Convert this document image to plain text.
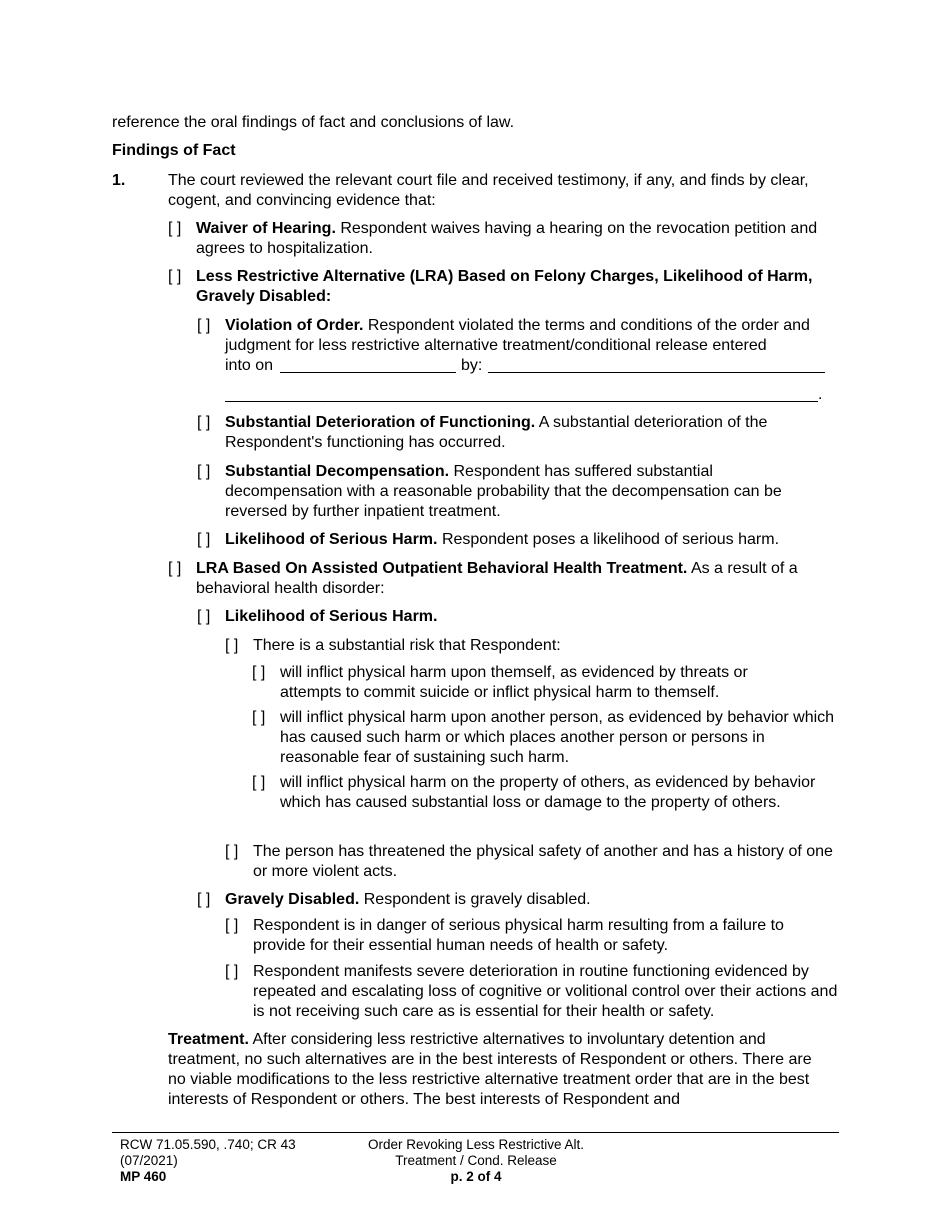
reference the oral findings of fact and conclusions of law.
Findings of Fact
1.	The court reviewed the relevant court file and received testimony, if any, and finds by clear, cogent, and convincing evidence that:
[ ] Waiver of Hearing. Respondent waives having a hearing on the revocation petition and agrees to hospitalization.
[ ] Less Restrictive Alternative (LRA) Based on Felony Charges, Likelihood of Harm, Gravely Disabled:
[ ] Violation of Order. Respondent violated the terms and conditions of the order and judgment for less restrictive alternative treatment/conditional release entered
into on	by:
.
[ ] Substantial Deterioration of Functioning. A substantial deterioration of the Respondent's functioning has occurred.
[ ] Substantial Decompensation. Respondent has suffered substantial decompensation with a reasonable probability that the decompensation can be reversed by further inpatient treatment.
[ ] Likelihood of Serious Harm. Respondent poses a likelihood of serious harm.
[ ] LRA Based On Assisted Outpatient Behavioral Health Treatment. As a result of a behavioral health disorder:
[ ] Likelihood of Serious Harm.
[ ] There is a substantial risk that Respondent:
[ ] will inflict physical harm upon themself, as evidenced by threats or attempts to commit suicide or inflict physical harm to themself.
[ ] will inflict physical harm upon another person, as evidenced by behavior which has caused such harm or which places another person or persons in reasonable fear of sustaining such harm.
[ ] will inflict physical harm on the property of others, as evidenced by behavior which has caused substantial loss or damage to the property of others.
[ ] The person has threatened the physical safety of another and has a history of one or more violent acts.
[ ] Gravely Disabled. Respondent is gravely disabled.
[ ] Respondent is in danger of serious physical harm resulting from a failure to provide for their essential human needs of health or safety.
[ ] Respondent manifests severe deterioration in routine functioning evidenced by repeated and escalating loss of cognitive or volitional control over their actions and is not receiving such care as is essential for their health or safety.
Treatment. After considering less restrictive alternatives to involuntary detention and treatment, no such alternatives are in the best interests of Respondent or others. There are no viable modifications to the less restrictive alternative treatment order that are in the best interests of Respondent or others. The best interests of Respondent and
RCW 71.05.590, .740; CR 43
(07/2021)
MP 460
Order Revoking Less Restrictive Alt.
Treatment / Cond. Release
p. 2 of 4
